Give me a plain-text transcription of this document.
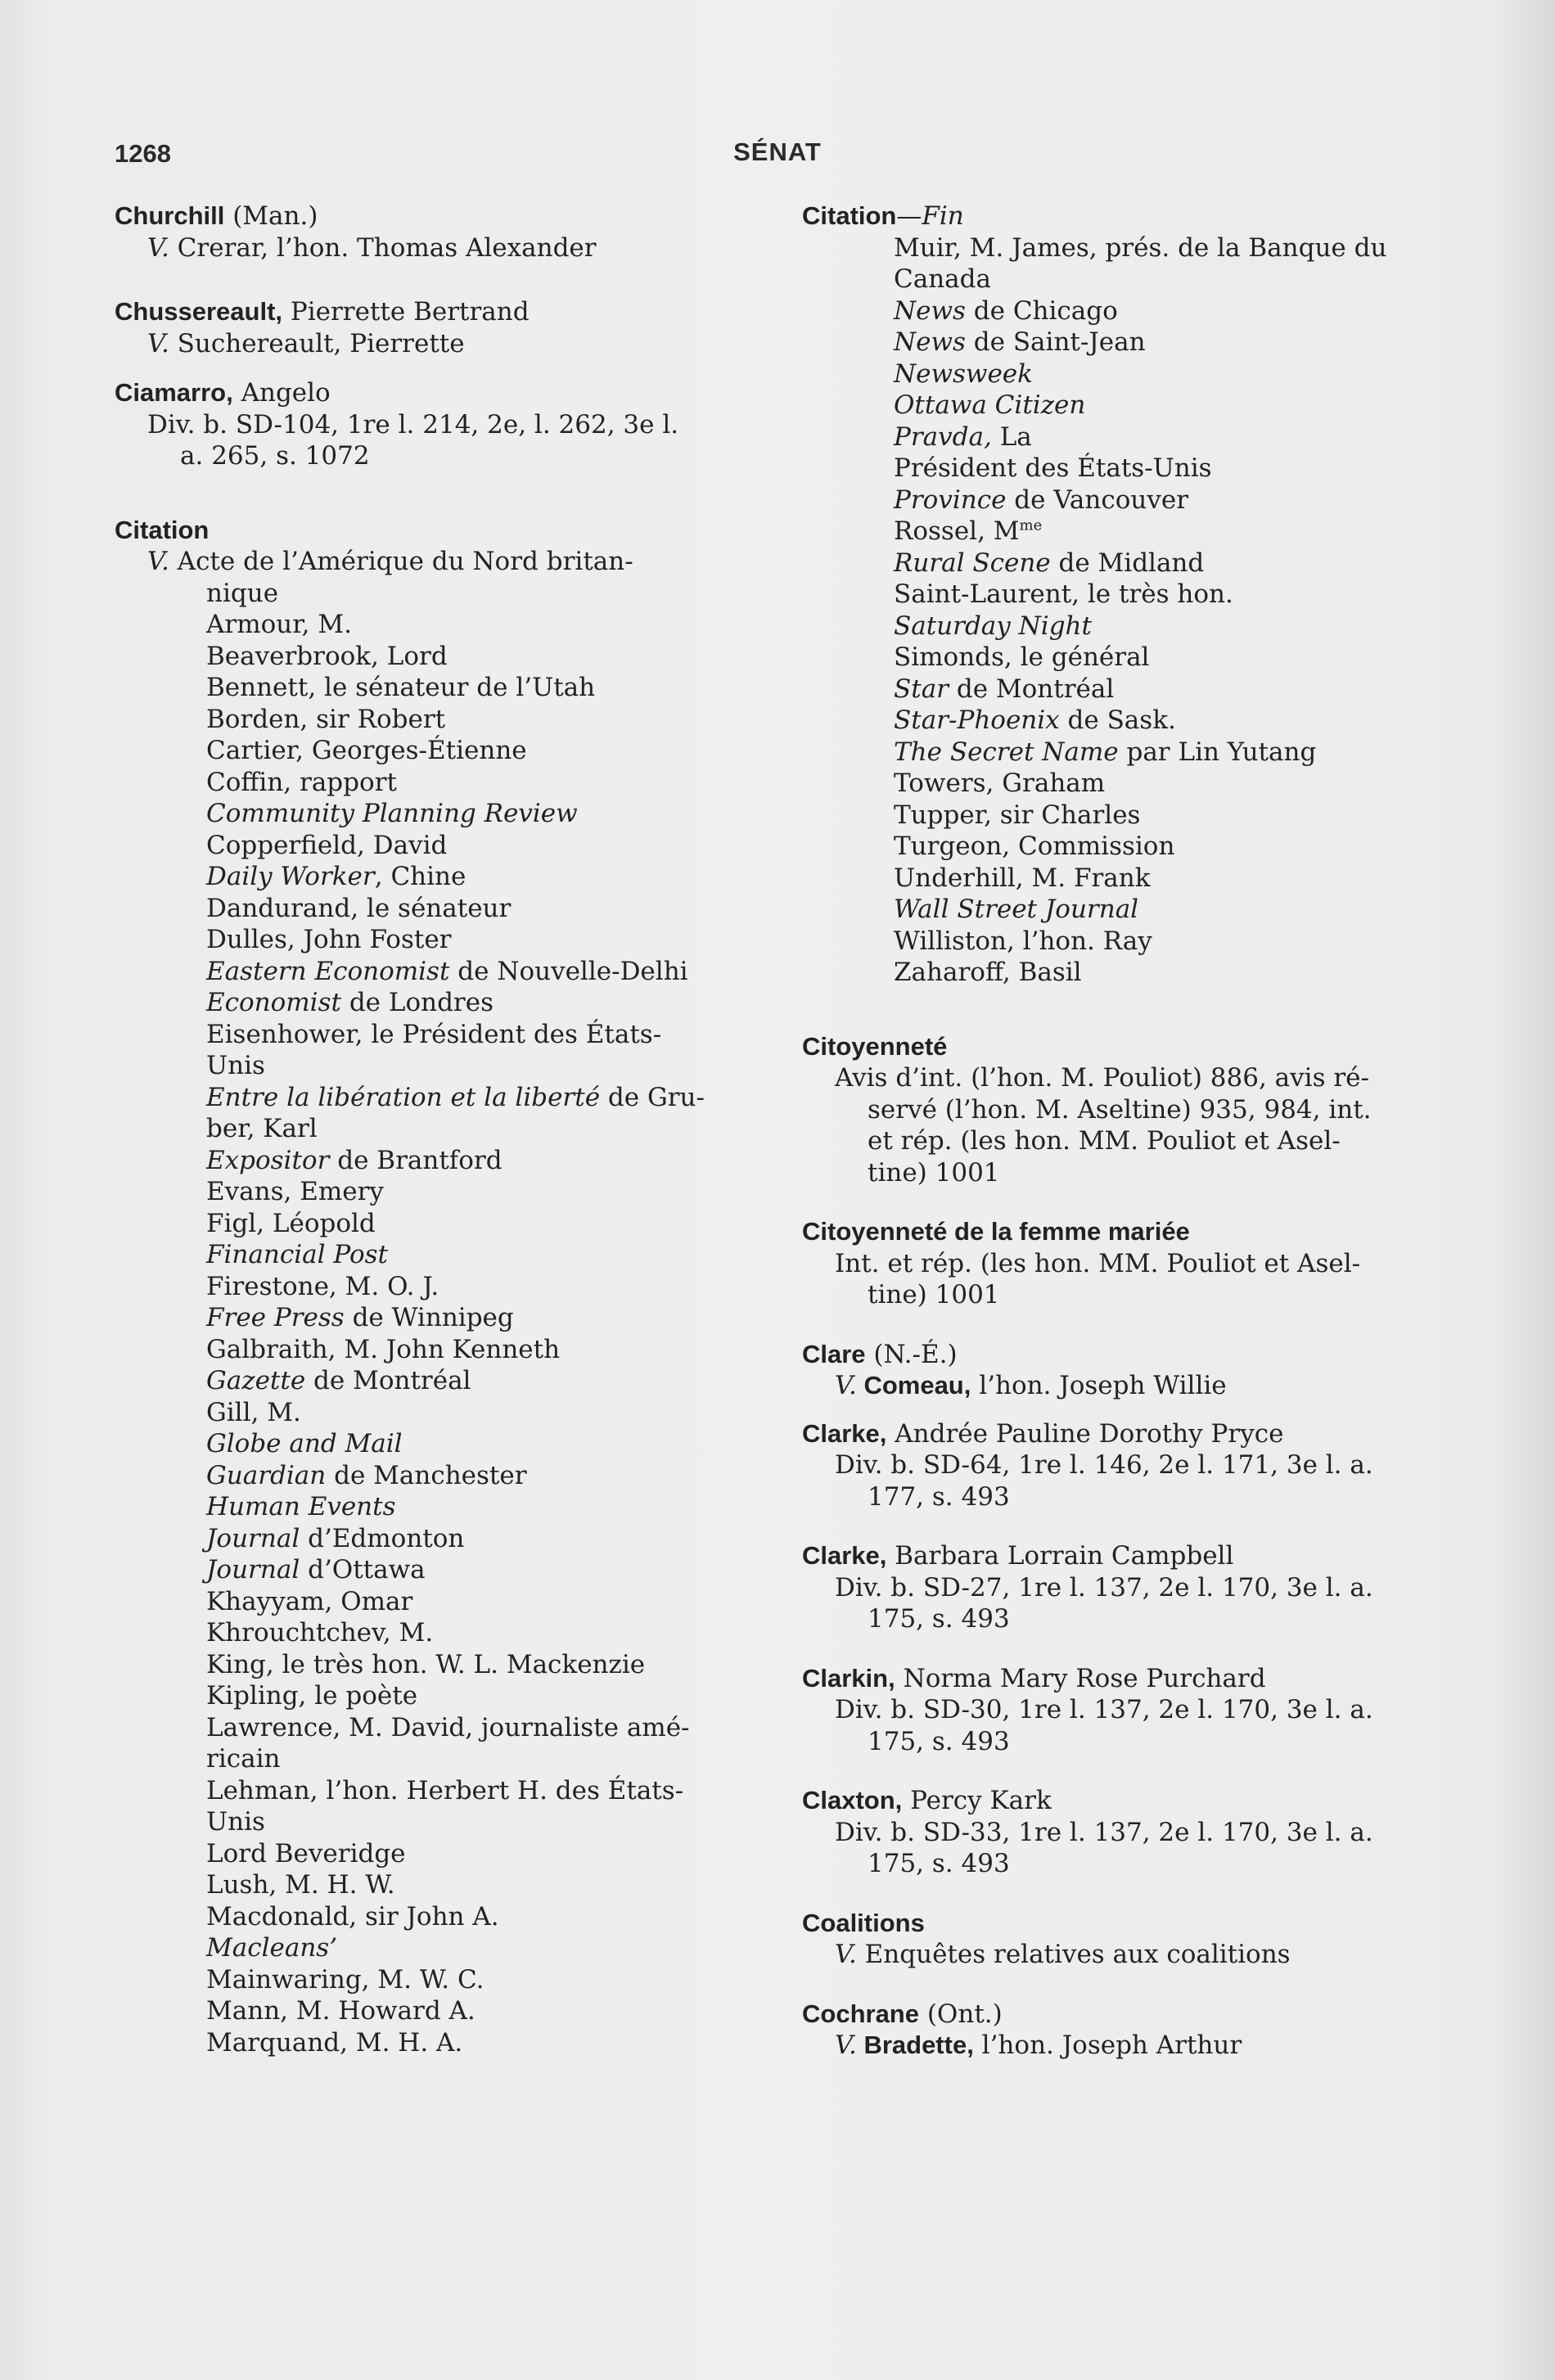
1268	SÉNAT
Churchill (Man.)
V. Crerar, l’hon. Thomas Alexander
Chussereault, Pierrette Bertrand
V. Suchereault, Pierrette
Ciamarro, Angelo
Div. b. SD-104, 1re l. 214, 2e, l. 262, 3e l.
a. 265, s. 1072
Citation
V. Acte de l’Amérique du Nord britan-
nique
Armour, M.
Beaverbrook, Lord
Bennett, le sénateur de l’Utah
Borden, sir Robert
Cartier, Georges-Étienne
Coffin, rapport
Community Planning Review
Copperfield, David
Daily Worker, Chine
Dandurand, le sénateur
Dulles, John Foster
Eastern Economist de Nouvelle-Delhi
Economist de Londres
Eisenhower, le Président des États-
Unis
Entre la libération et la liberté de Gru-
ber, Karl
Expositor de Brantford
Evans, Emery
Figl, Léopold
Financial Post
Firestone, M. O. J.
Free Press de Winnipeg
Galbraith, M. John Kenneth
Gazette de Montréal
Gill, M.
Globe and Mail
Guardian de Manchester
Human Events
Journal d’Edmonton
Journal d’Ottawa
Khayyam, Omar
Khrouchtchev, M.
King, le très hon. W. L. Mackenzie
Kipling, le poète
Lawrence, M. David, journaliste amé-
ricain
Lehman, l’hon. Herbert H. des États-
Unis
Lord Beveridge
Lush, M. H. W.
Macdonald, sir John A.
Macleans’
Mainwaring, M. W. C.
Mann, M. Howard A.
Marquand, M. H. A.
Citation—Fin
Muir, M. James, prés. de la Banque du
Canada
News de Chicago
News de Saint-Jean
Newsweek
Ottawa Citizen
Pravda, La
Président des États-Unis
Province de Vancouver
Rossel, $M^{me}$
Rural Scene de Midland
Saint-Laurent, le très hon.
Saturday Night
Simonds, le général
Star de Montréal
Star-Phoenix de Sask.
The Secret Name par Lin Yutang
Towers, Graham
Tupper, sir Charles
Turgeon, Commission
Underhill, M. Frank
Wall Street Journal
Williston, l’hon. Ray
Zaharoff, Basil
Citoyenneté
Avis d’int. (l’hon. M. Pouliot) 886, avis ré-
servé (l’hon. M. Aseltine) 935, 984, int.
et rép. (les hon. MM. Pouliot et Asel-
tine) 1001
Citoyenneté de la femme mariée
Int. et rép. (les hon. MM. Pouliot et Asel-
tine) 1001
Clare (N.-É.)
V. Comeau, l’hon. Joseph Willie
Clarke, Andrée Pauline Dorothy Pryce
Div. b. SD-64, 1re l. 146, 2e l. 171, 3e l. a.
177, s. 493
Clarke, Barbara Lorrain Campbell
Div. b. SD-27, 1re l. 137, 2e l. 170, 3e l. a.
175, s. 493
Clarkin, Norma Mary Rose Purchard
Div. b. SD-30, 1re l. 137, 2e l. 170, 3e l. a.
175, s. 493
Claxton, Percy Kark
Div. b. SD-33, 1re l. 137, 2e l. 170, 3e l. a.
175, s. 493
Coalitions
V. Enquêtes relatives aux coalitions
Cochrane (Ont.)
V. Bradette, l’hon. Joseph Arthur
